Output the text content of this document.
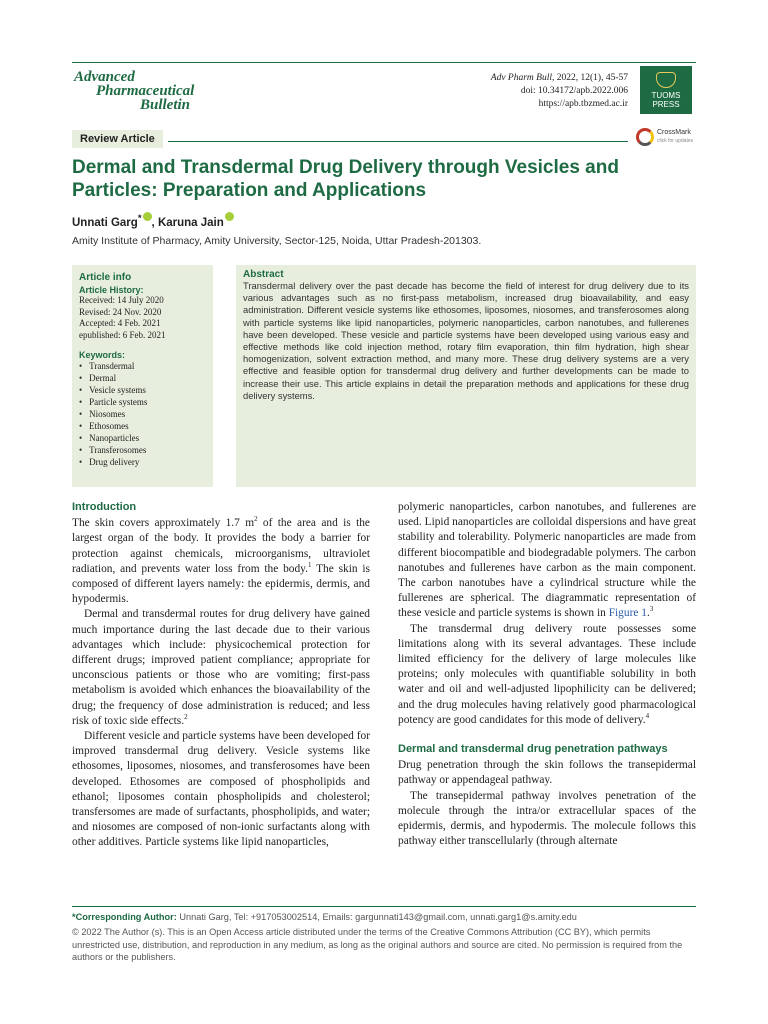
Advanced
Pharmaceutical
Bulletin
Adv Pharm Bull, 2022, 12(1), 45-57
doi: 10.34172/apb.2022.006
https://apb.tbzmed.ac.ir
TUOMS
PRESS
Review Article
CrossMark
click for updates
Dermal and Transdermal Drug Delivery through Vesicles and Particles: Preparation and Applications
Unnati Garg* , Karuna Jain
Amity Institute of Pharmacy, Amity University, Sector-125, Noida, Uttar Pradesh-201303.
Article info
Article History:
Received: 14 July 2020
Revised: 24 Nov. 2020
Accepted: 4 Feb. 2021
epublished: 6 Feb. 2021
Keywords:
• Transdermal
• Dermal
• Vesicle systems
• Particle systems
• Niosomes
• Ethosomes
• Nanoparticles
• Transferosomes
• Drug delivery
Abstract

Transdermal delivery over the past decade has become the field of interest for drug delivery due to its various advantages such as no first-pass metabolism, increased drug bioavailability, and easy administration. Different vesicle systems like ethosomes, liposomes, niosomes, and transferosomes along with particle systems like lipid nanoparticles, polymeric nanoparticles, carbon nanotubes, and fullerenes have been developed. These vesicle and particle systems have been developed using various easy and effective methods like cold injection method, rotary film evaporation, thin film hydration, high shear homogenization, solvent extraction method, and many more. These drug delivery systems are a very effective and feasible option for transdermal drug delivery and further developments can be made to increase their use. This article explains in detail the preparation methods and applications for these drug delivery systems.

Introduction

The skin covers approximately 1.7 $m^2$ of the area and is the largest organ of the body. It provides the body a barrier for protection against chemicals, microorganisms, ultraviolet radiation, and prevents water loss from the body.$^1$ The skin is composed of different layers namely: the epidermis, dermis, and hypodermis.

Dermal and transdermal routes for drug delivery have gained much importance during the last decade due to their various advantages which include: physicochemical protection for different drugs; improved patient compliance; appropriate for unconscious patients or those who are vomiting; first-pass metabolism is avoided which enhances the bioavailability of the drug; the frequency of dose administration is reduced; and less risk of toxic side effects.$^2$

Different vesicle and particle systems have been developed for improved transdermal drug delivery. Vesicle systems like ethosomes, liposomes, niosomes, and transferosomes have been developed. Ethosomes are composed of phospholipids and ethanol; liposomes contain phospholipids and cholesterol; transfersomes are made of surfactants, phospholipids, and water; and niosomes are composed of non-ionic surfactants along with other additives. Particle systems like lipid nanoparticles,

polymeric nanoparticles, carbon nanotubes, and fullerenes are used. Lipid nanoparticles are colloidal dispersions and have great stability and tolerability. Polymeric nanoparticles are made from different biocompatible and biodegradable polymers. The carbon nanotubes and fullerenes have carbon as the main component. The carbon nanotubes have a cylindrical structure while the fullerenes are spherical. The diagrammatic representation of these vesicle and particle systems is shown in Figure 1.$^3$

The transdermal drug delivery route possesses some limitations along with its several advantages. These include limited efficiency for the delivery of large molecules like proteins; only molecules with quantifiable solubility in both water and oil and well-adjusted lipophilicity can be delivered; and the drug molecules having relatively good pharmacological potency are good candidates for this mode of delivery.$^4$

Dermal and transdermal drug penetration pathways

Drug penetration through the skin follows the transepidermal pathway or appendageal pathway.

The transepidermal pathway involves penetration of the molecule through the intra/or extracellular spaces of the epidermis, dermis, and hypodermis. The molecule follows this pathway either transcellularly (through alternate

*Corresponding Author: Unnati Garg, Tel: +917053002514, Emails: gargunnati143@gmail.com, unnati.garg1@s.amity.edu
© 2022 The Author (s). This is an Open Access article distributed under the terms of the Creative Commons Attribution (CC BY), which permits unrestricted use, distribution, and reproduction in any medium, as long as the original authors and source are cited. No permission is required from the authors or the publishers.
